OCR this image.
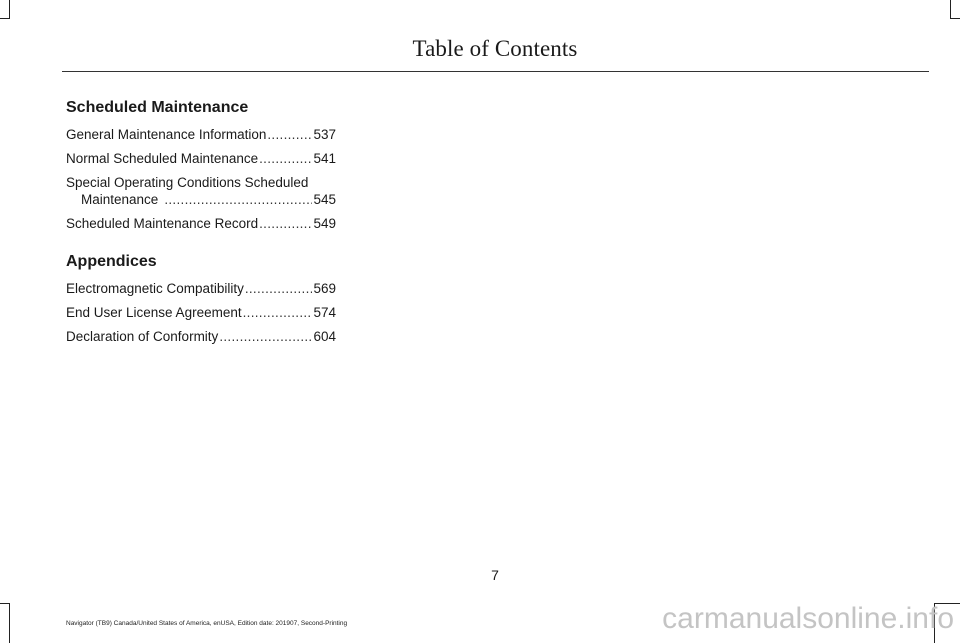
Table of Contents
Scheduled Maintenance
General Maintenance Information .....	537
Normal Scheduled Maintenance .....	541
Special Operating Conditions Scheduled
Maintenance .....	545
Scheduled Maintenance Record .....	549
Appendices
Electromagnetic Compatibility .....	569
End User License Agreement .....	574
Declaration of Conformity .....	604
7
Navigator (TB9) Canada/United States of America, enUSA, Edition date: 201907, Second-Printing	carmanualsonline.info
